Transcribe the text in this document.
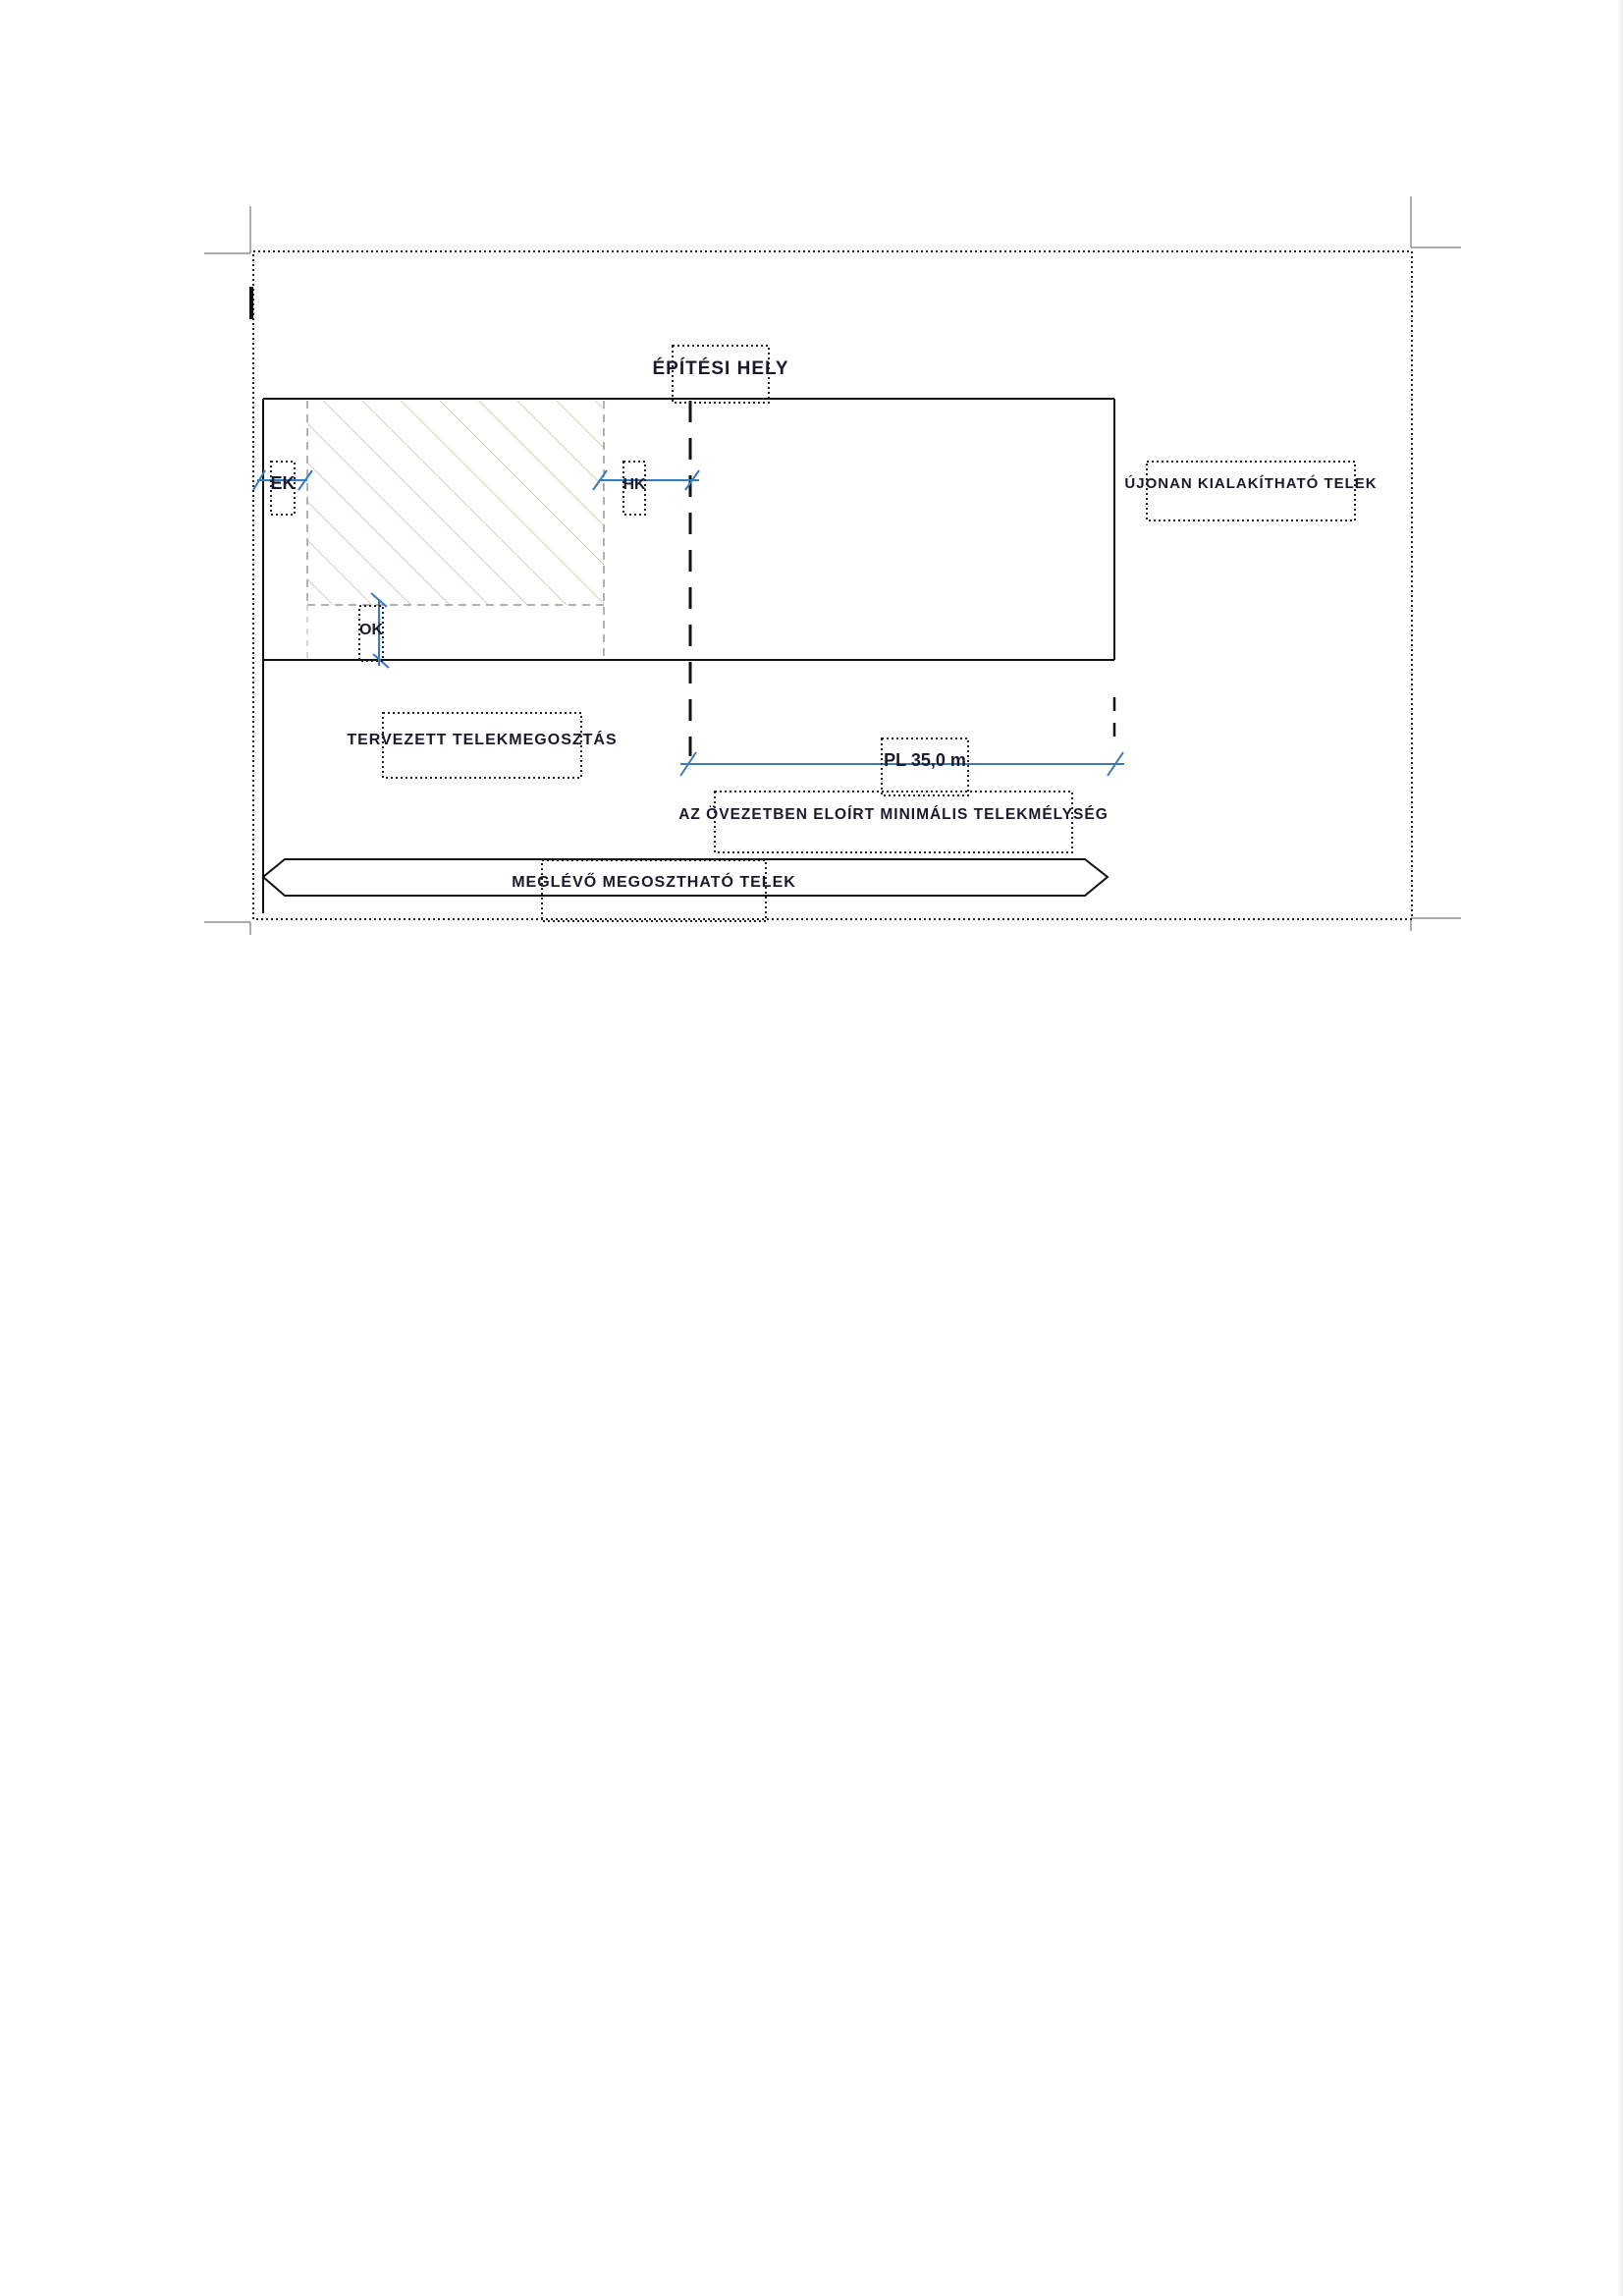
ÉPÍTÉSI HELY
EK	HK
OK
ÚJONAN KIALAKÍTHATÓ TELEK
TERVEZETT TELEKMEGOSZTÁS
PL 35,0 m
AZ ÖVEZETBEN ELOÍRT MINIMÁLIS TELEKMÉLYSÉG
MEGLÉVŐ MEGOSZTHATÓ TELEK
